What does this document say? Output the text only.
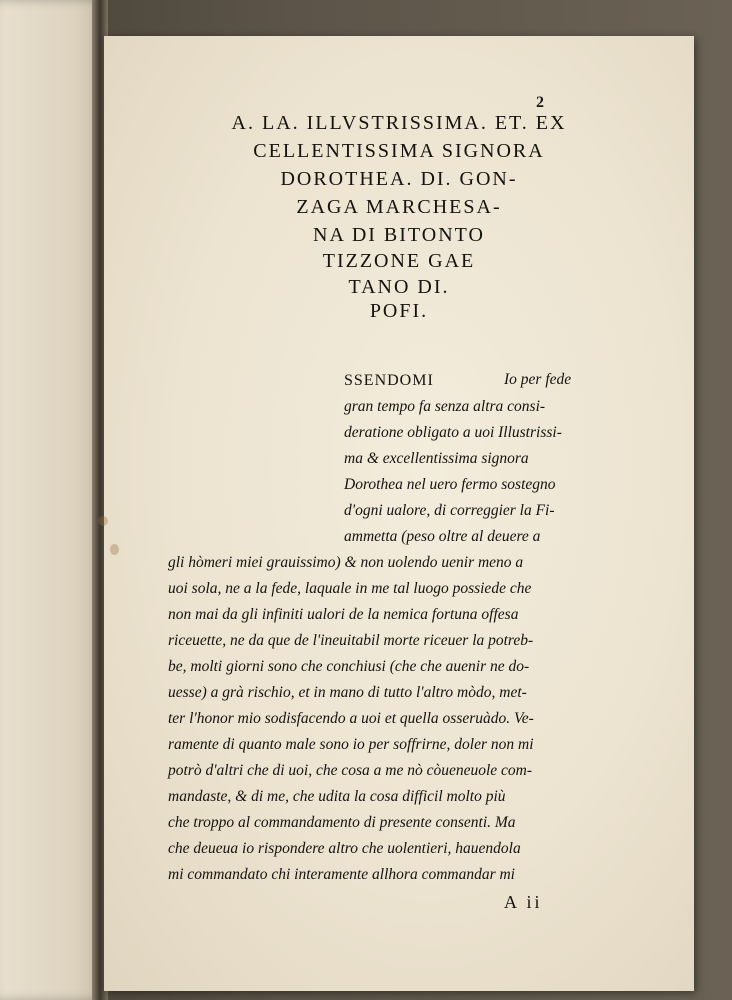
2
A. LA. ILLVSTRISSIMA. ET. EX
CELLENTISSIMA SIGNORA
DOROTHEA. DI. GON-
ZAGA MARCHESA-
NA DI BITONTO
TIZZONE GAE
TANO DI.
POFI.
SSENDOMI	Io per fede
gran tempo fa senza altra consi-
deratione obligato a uoi Illustrissi-
ma & excellentissima signora
Dorothea nel uero fermo sostegno
d'ogni ualore, di correggier la Fi-
ammetta (peso oltre al deuere a
gli hòmeri miei grauissimo) & non uolendo uenir meno a
uoi sola, ne a la fede, laquale in me tal luogo possiede che
non mai da gli infiniti ualori de la nemica fortuna offesa
riceuette, ne da que de l'ineuitabil morte riceuer la potreb-
be, molti giorni sono che conchiusi (che che auenir ne do-
uesse) a grà rischio, et in mano di tutto l'altro mòdo, met-
ter l'honor mio sodisfacendo a uoi et quella osseruàdo. Ve-
ramente di quanto male sono io per soffrirne, doler non mi
potrò d'altri che di uoi, che cosa a me nò còueneuole com-
mandaste, & di me, che udita la cosa difficil molto più
che troppo al commandamento di presente consenti. Ma
che deueua io rispondere altro che uolentieri, hauendola
mi commandato chi interamente allhora commandar mi
A ii
